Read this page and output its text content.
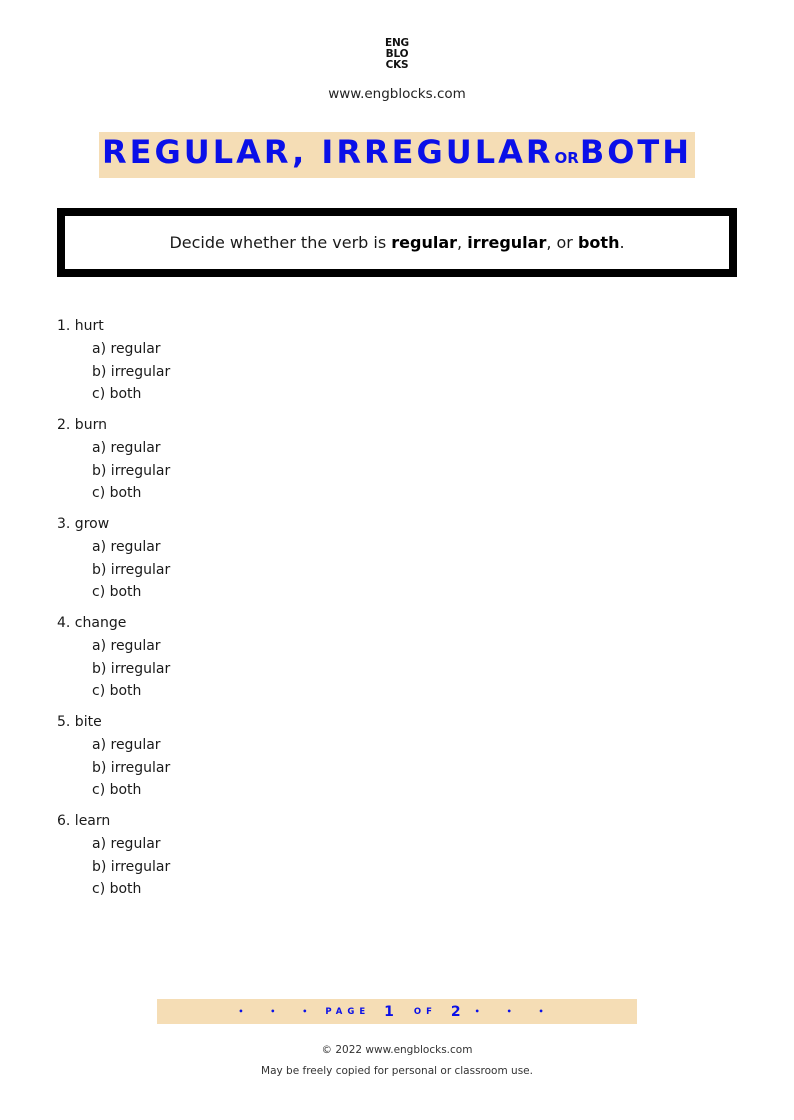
ENG
BLO
CKS
www.engblocks.com
REGULAR, IRREGULARORBOTH
Decide whether the verb is regular, irregular, or both.
1. hurt
a) regular
b) irregular
c) both
2. burn
a) regular
b) irregular
c) both
3. grow
a) regular
b) irregular
c) both
4. change
a) regular
b) irregular
c) both
5. bite
a) regular
b) irregular
c) both
6. learn
a) regular
b) irregular
c) both
• • • PAGE 1 OF 2 • • •
© 2022 www.engblocks.com
May be freely copied for personal or classroom use.
